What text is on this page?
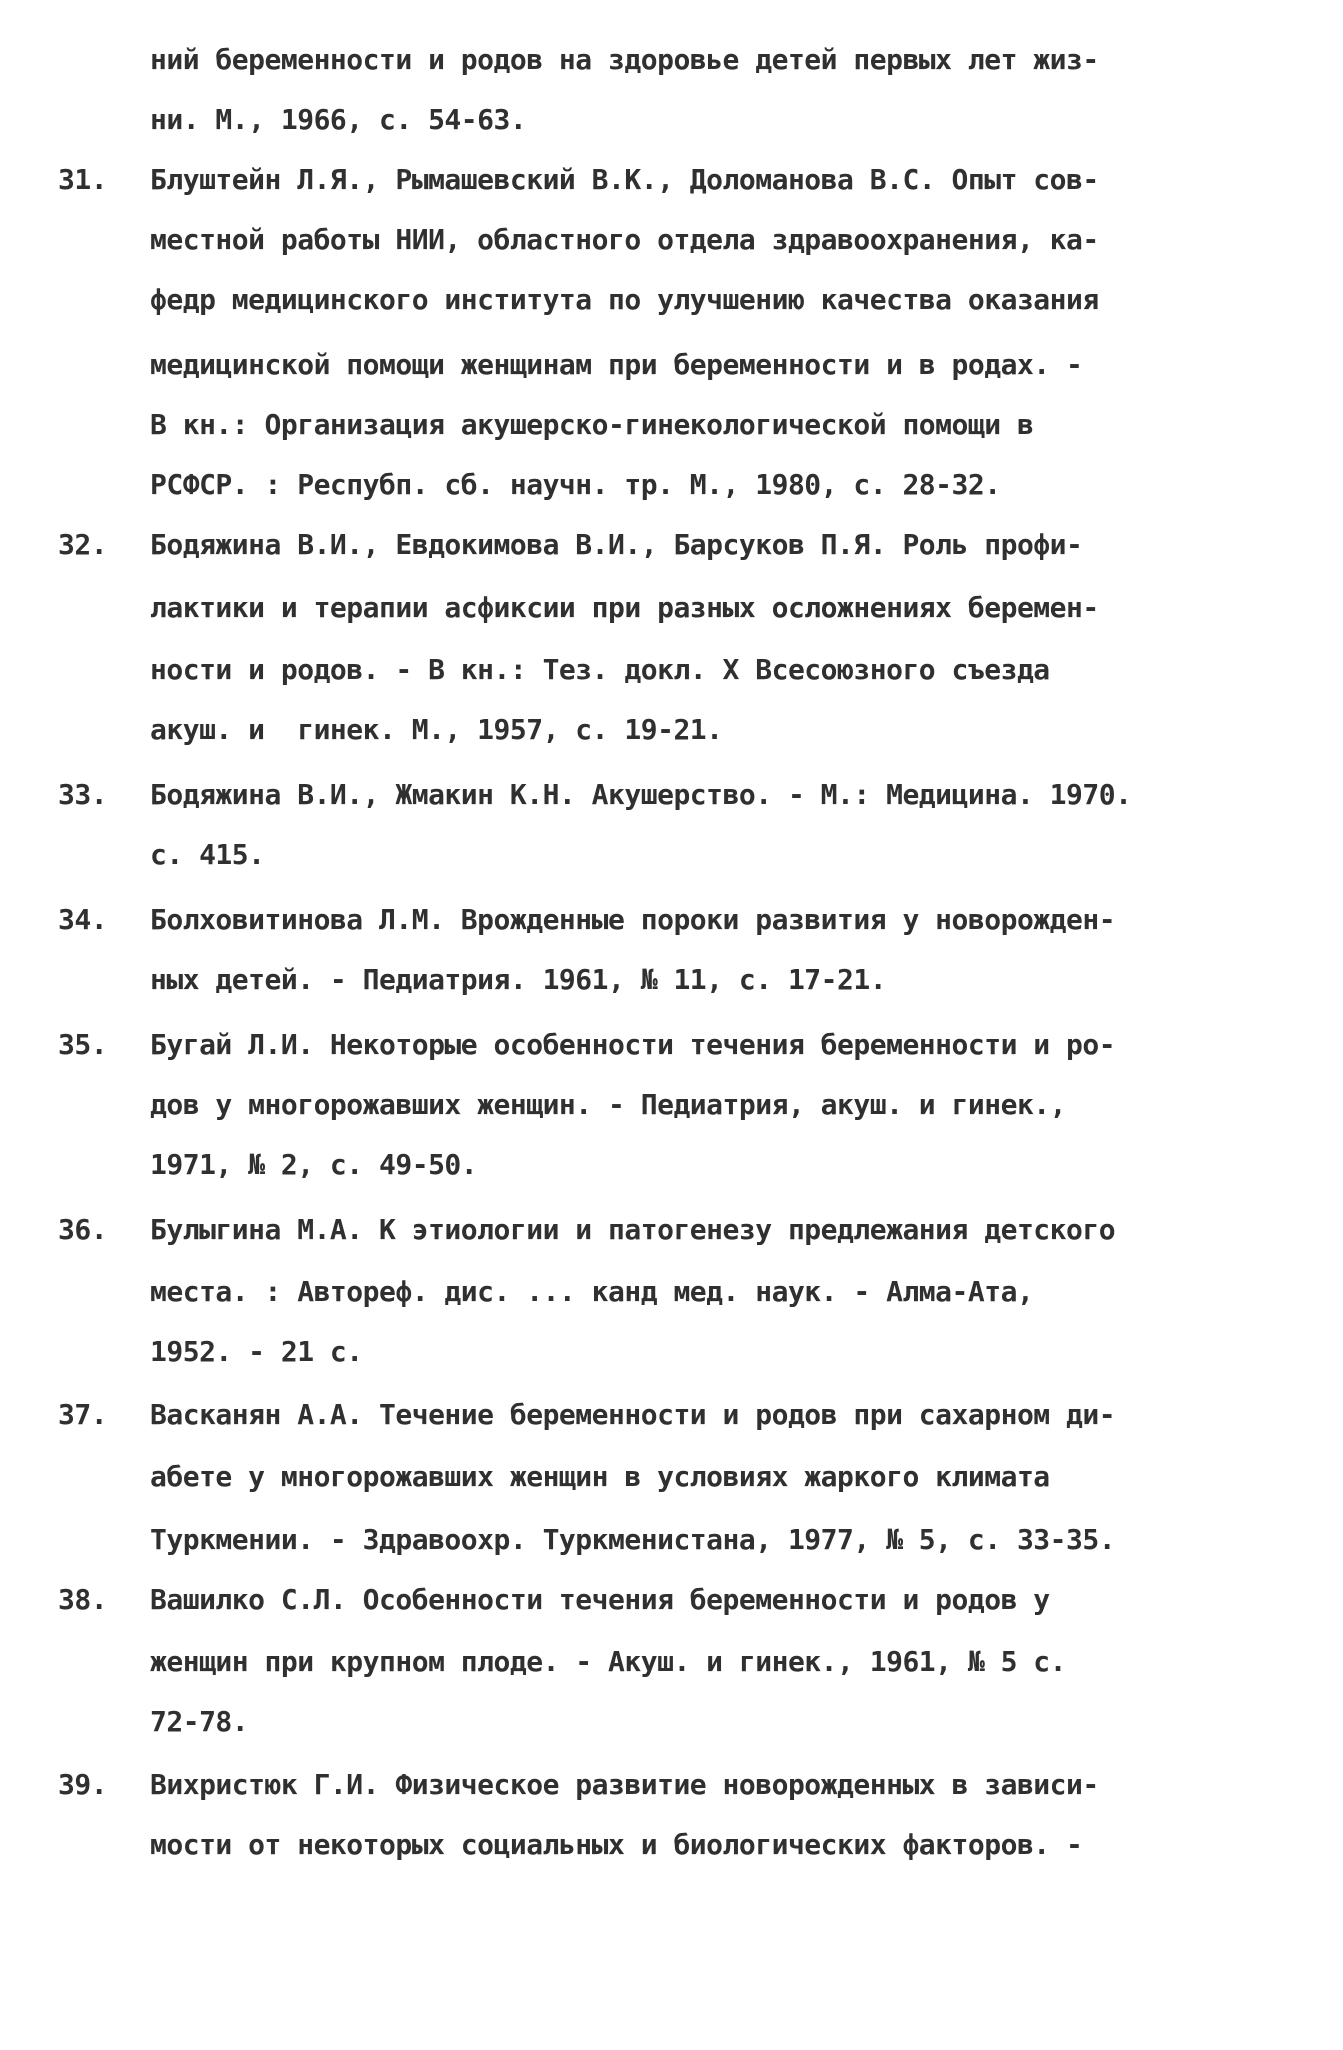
ний беременности и родов на здоровье детей первых лет жиз-
ни. М., 1966, с. 54-63.
31.	Блуштейн Л.Я., Рымашевский В.К., Доломанова В.С. Опыт сов-
местной работы НИИ, областного отдела здравоохранения, ка-
федр медицинского института по улучшению качества оказания
медицинской помощи женщинам при беременности и в родах. -
В кн.: Организация акушерско-гинекологической помощи в
РСФСР. : Респубп. сб. научн. тр. М., 1980, с. 28-32.
32.	Бодяжина В.И., Евдокимова В.И., Барсуков П.Я. Роль профи-
лактики и терапии асфиксии при разных осложнениях беремен-
ности и родов. - В кн.: Тез. докл. Х Всесоюзного съезда
акуш. и  гинек. М., 1957, с. 19-21.
33.	Бодяжина В.И., Жмакин К.Н. Акушерство. - М.: Медицина. 1970.
с. 415.
34.	Болховитинова Л.М. Врожденные пороки развития у новорожден-
ных детей. - Педиатрия. 1961, № 11, с. 17-21.
35.	Бугай Л.И. Некоторые особенности течения беременности и ро-
дов у многорожавших женщин. - Педиатрия, акуш. и гинек.,
1971, № 2, с. 49-50.
36.	Булыгина М.А. К этиологии и патогенезу предлежания детского
места. : Автореф. дис. ... канд мед. наук. - Алма-Ата,
1952. - 21 с.
37.	Васканян А.А. Течение беременности и родов при сахарном ди-
абете у многорожавших женщин в условиях жаркого климата
Туркмении. - Здравоохр. Туркменистана, 1977, № 5, с. 33-35.
38.	Вашилко С.Л. Особенности течения беременности и родов у
женщин при крупном плоде. - Акуш. и гинек., 1961, № 5 с.
72-78.
39.	Вихристюк Г.И. Физическое развитие новорожденных в зависи-
мости от некоторых социальных и биологических факторов. -
